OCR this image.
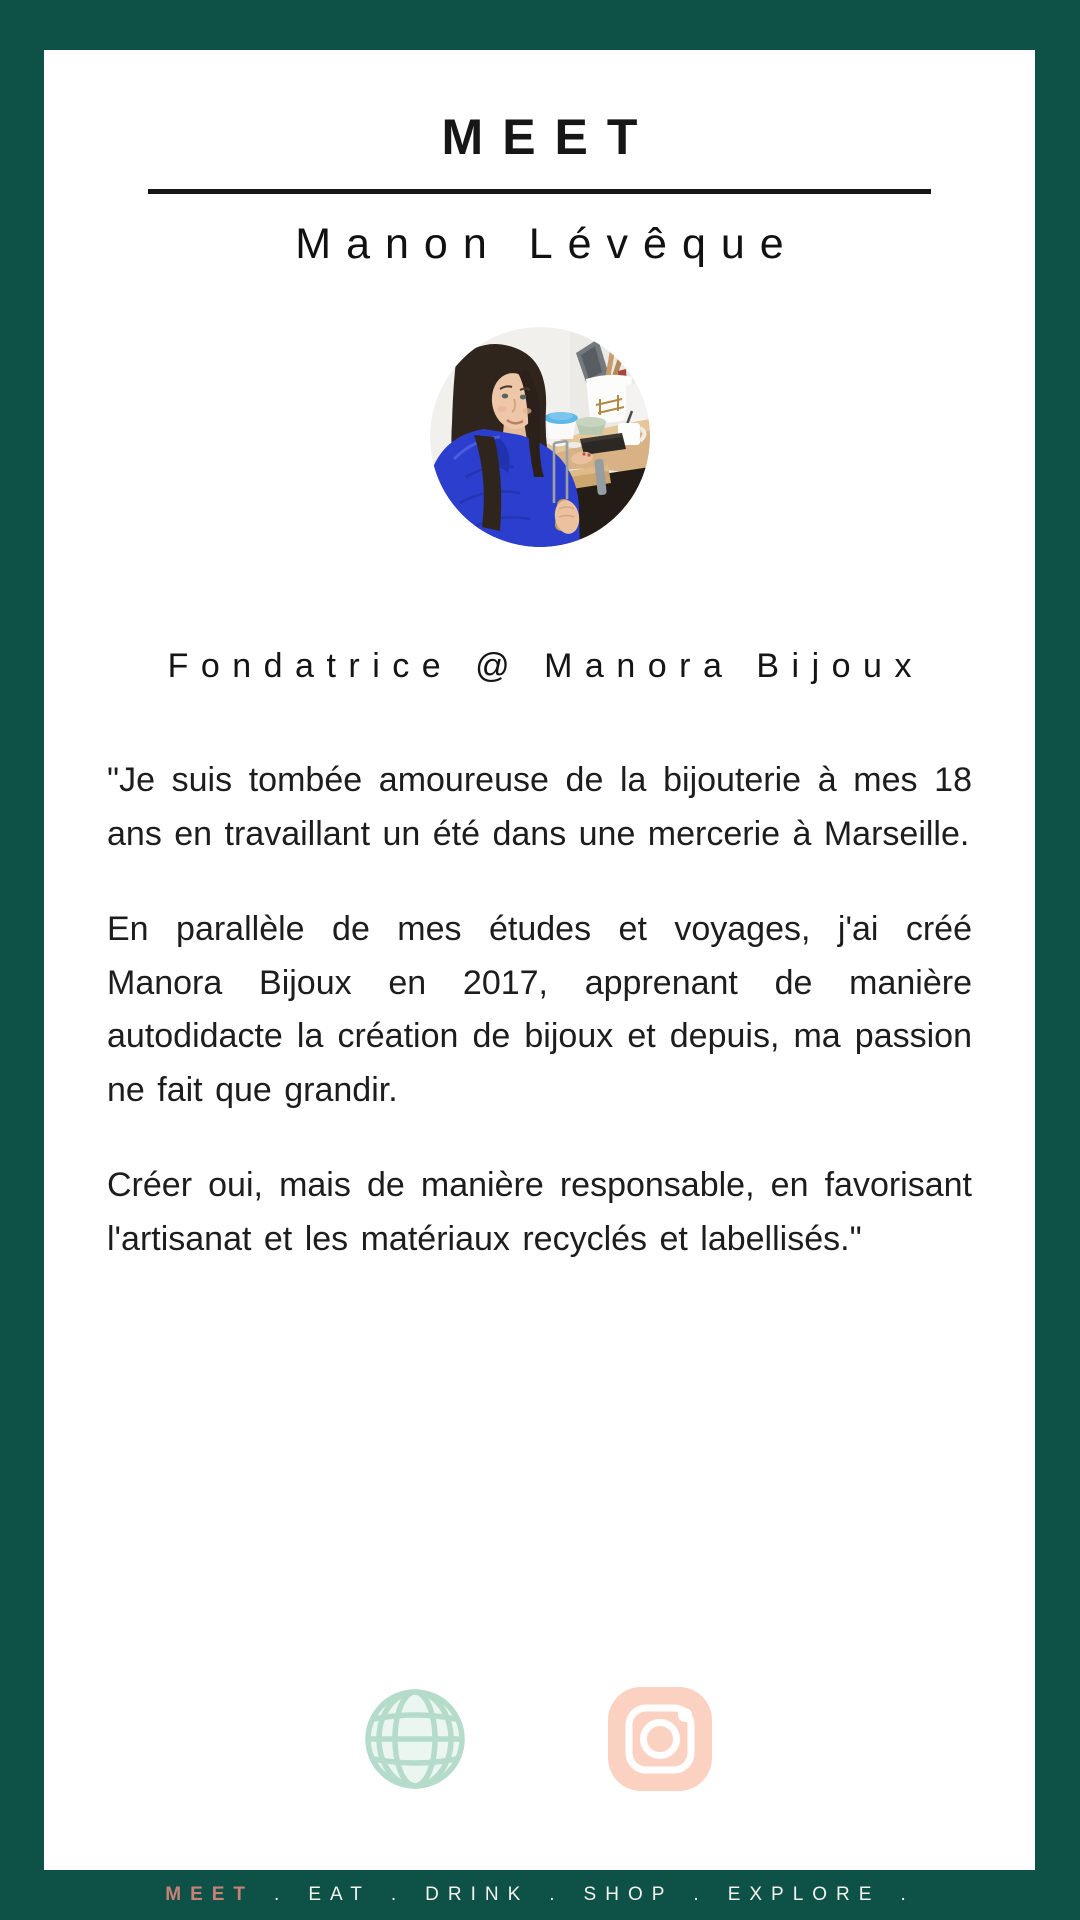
MEET
Manon Lévêque
Fondatrice @ Manora Bijoux

"Je suis tombée amoureuse de la bijouterie à mes 18 ans en travaillant un été dans une mercerie à Marseille.

En parallèle de mes études et voyages, j'ai créé Manora Bijoux en 2017, apprenant de manière autodidacte la création de bijoux et depuis, ma passion ne fait que grandir.

Créer oui, mais de manière responsable, en favorisant l'artisanat et les matériaux recyclés et labellisés."

MEET . EAT . DRINK . SHOP . EXPLORE .
